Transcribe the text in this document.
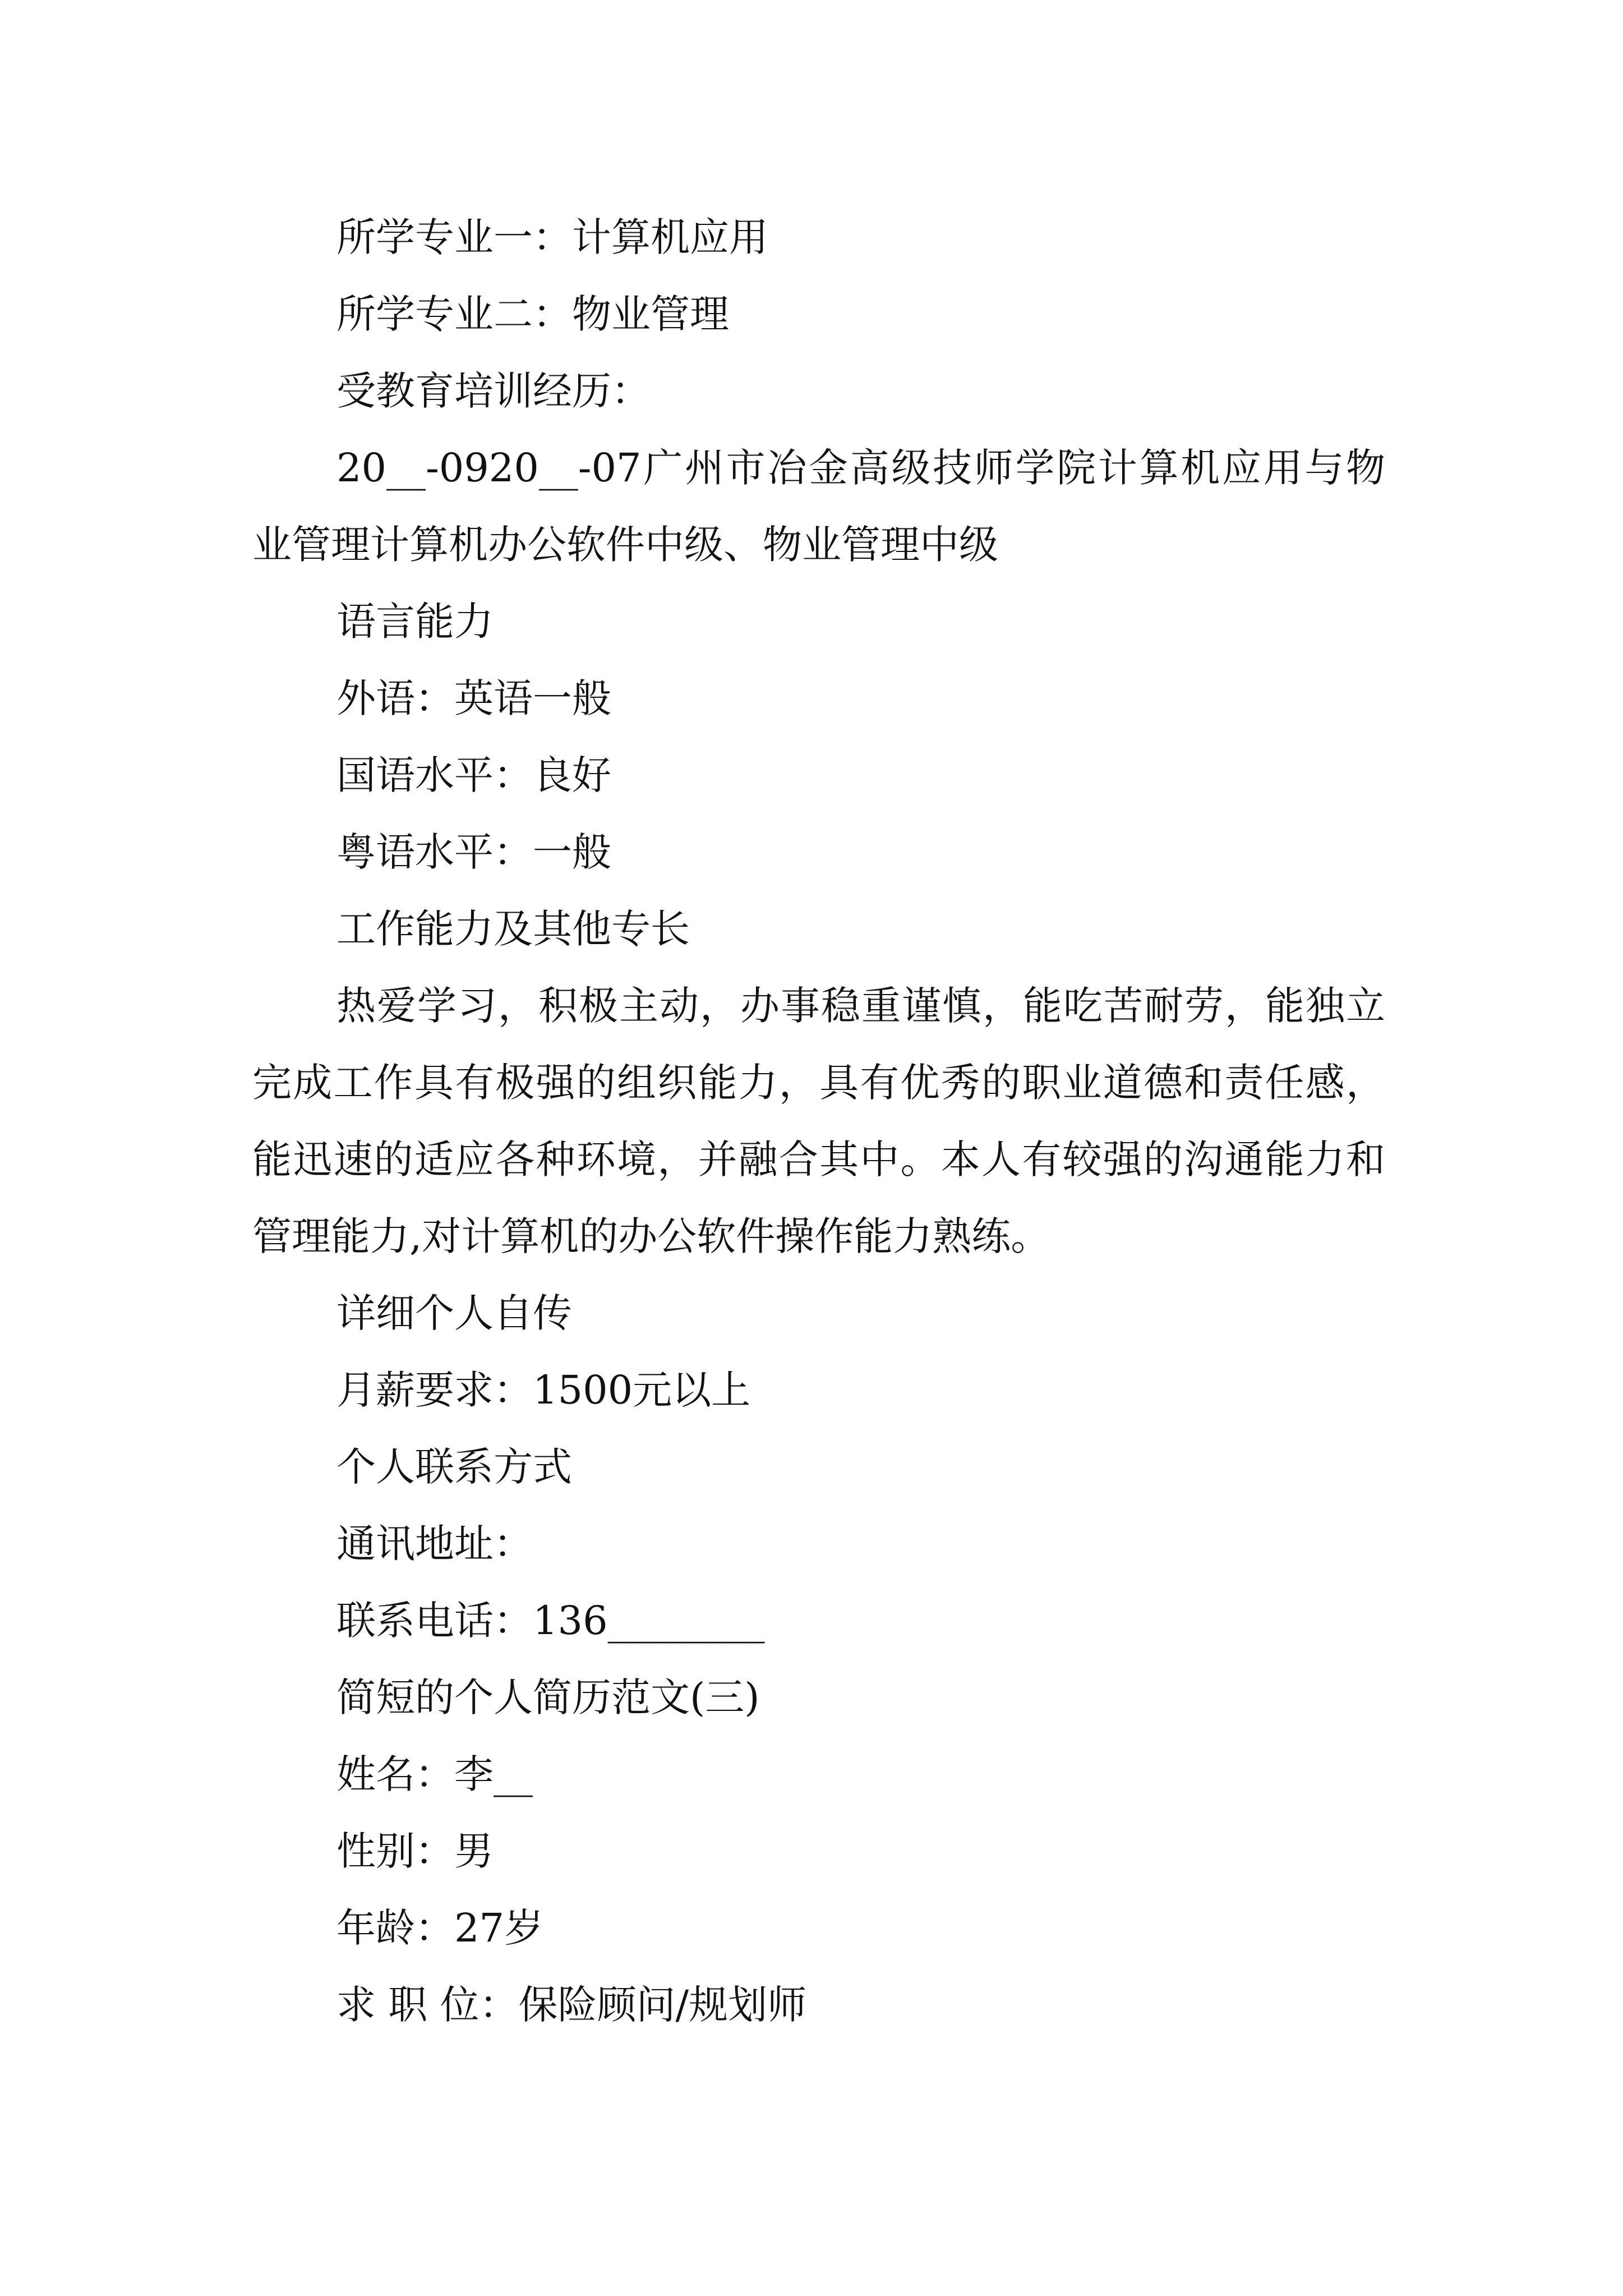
所学专业一：计算机应用

所学专业二：物业管理

受教育培训经历：

20__-0920__-07广州市冶金高级技师学院计算机应用与物业管理计算机办公软件中级、物业管理中级

语言能力

外语：英语一般

国语水平：良好

粤语水平：一般

工作能力及其他专长

热爱学习，积极主动，办事稳重谨慎，能吃苦耐劳，能独立完成工作具有极强的组织能力，具有优秀的职业道德和责任感，能迅速的适应各种环境，并融合其中。本人有较强的沟通能力和管理能力,对计算机的办公软件操作能力熟练。

详细个人自传

月薪要求：1500元以上

个人联系方式

通讯地址：

联系电话：136________

简短的个人简历范文(三)

姓名：李__

性别：男

年龄：27岁

求 职 位：保险顾问/规划师
